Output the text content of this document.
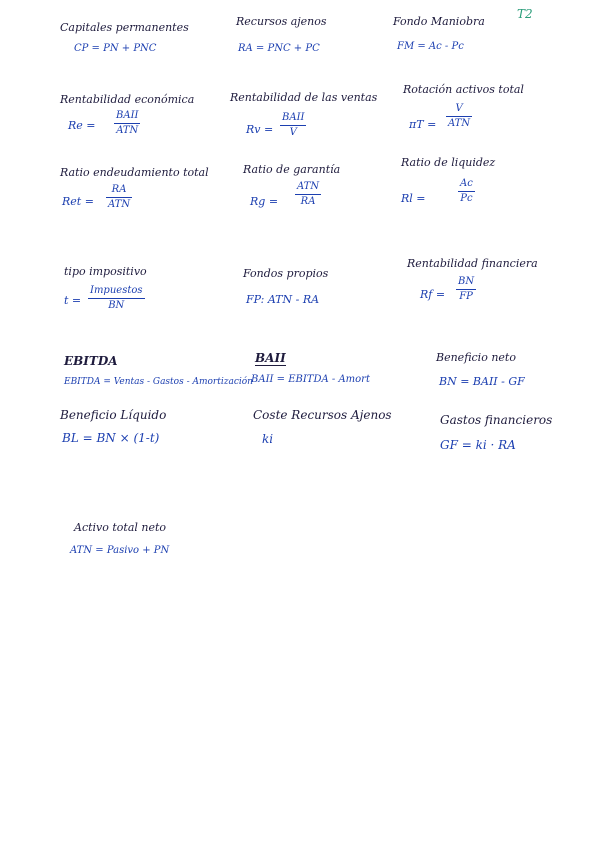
T2
Capitales permanentes
CP = PN + PNC
Recursos ajenos
RA = PNC + PC
Fondo Maniobra
FM = Ac - Pc
Rentabilidad económica
Re =
BAII
ATN
Rentabilidad de las ventas
Rv =
BAII
V
Rotación activos total
πT =
V
ATN
Ratio endeudamiento total
Ret =
RA
ATN
Ratio de garantía
Rg =
ATN
RA
Ratio de liquidez
Rl =
Ac
Pc
tipo impositivo
t =
Impuestos
BN
Fondos propios
FP: ATN - RA
Rentabilidad financiera
Rf =
BN
FP
EBITDA
EBITDA = Ventas - Gastos - Amortización
BAII
BAII = EBITDA - Amort
Beneficio neto
BN = BAII - GF
Beneficio Líquido
BL = BN × (1-t)
Coste Recursos Ajenos
ki
Gastos financieros
GF = ki · RA
Activo total neto
ATN = Pasivo + PN
